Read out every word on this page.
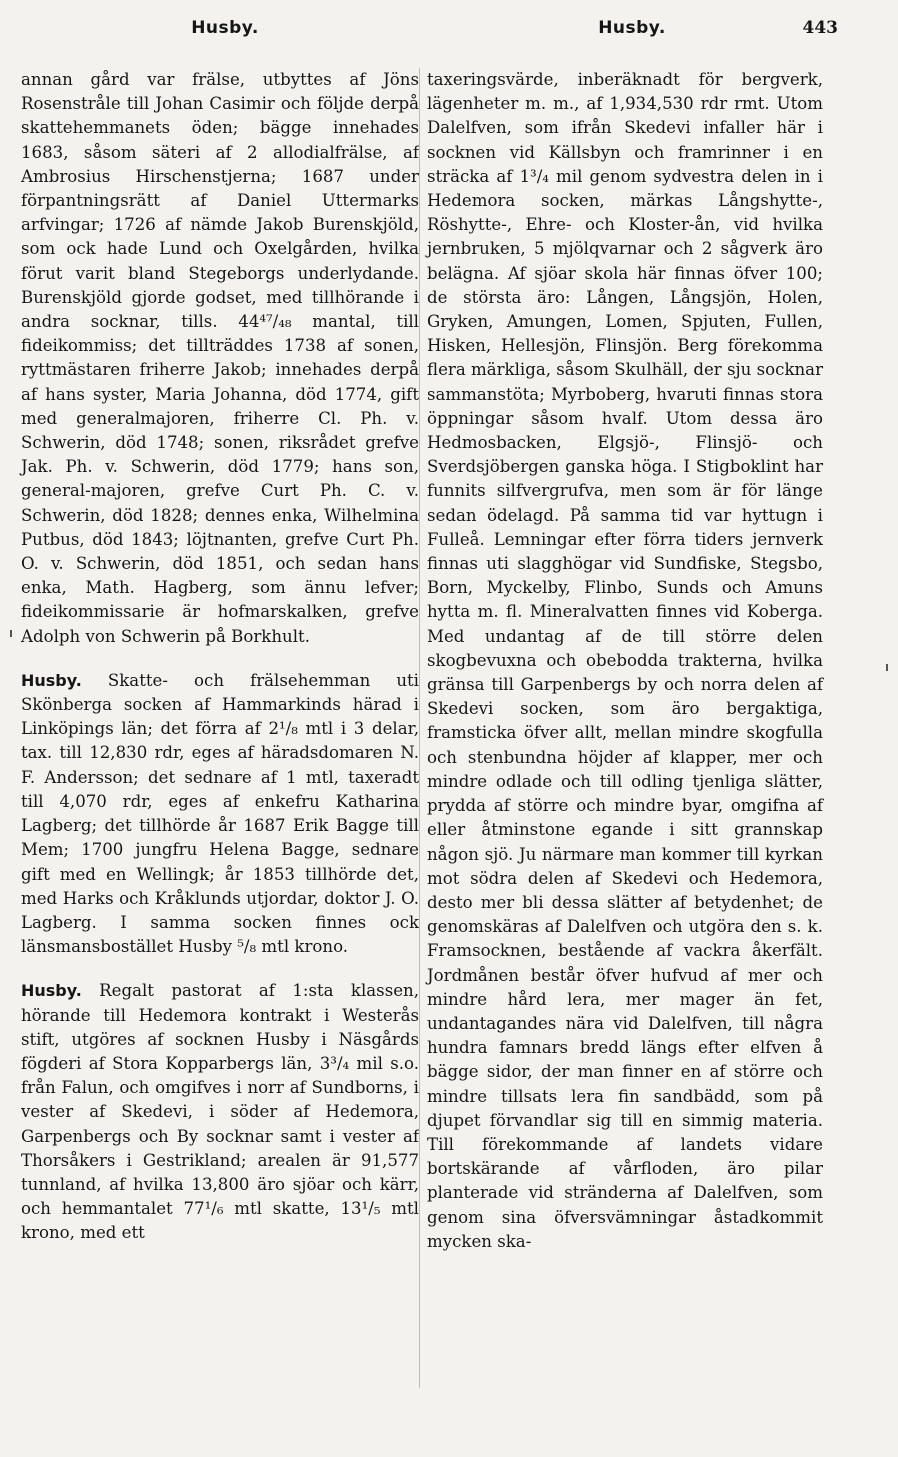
Husby.	Husby.	443

annan gård var frälse, utbyttes af Jöns Rosenstråle till Johan Casimir och följde derpå skattehemmanets öden; bägge innehades 1683, såsom säteri af 2 allodialfrälse, af Ambrosius Hirschenstjerna; 1687 under förpantningsrätt af Daniel Uttermarks arfvingar; 1726 af nämde Jakob Burenskjöld, som ock hade Lund och Oxelgården, hvilka förut varit bland Stegeborgs underlydande. Burenskjöld gjorde godset, med tillhörande i andra socknar, tills. 44⁴⁷/₄₈ mantal, till fideikommiss; det tillträddes 1738 af sonen, ryttmästaren friherre Jakob; innehades derpå af hans syster, Maria Johanna, död 1774, gift med generalmajoren, friherre Cl. Ph. v. Schwerin, död 1748; sonen, riksrådet grefve Jak. Ph. v. Schwerin, död 1779; hans son, general-majoren, grefve Curt Ph. C. v. Schwerin, död 1828; dennes enka, Wilhelmina Putbus, död 1843; löjtnanten, grefve Curt Ph. O. v. Schwerin, död 1851, och sedan hans enka, Math. Hagberg, som ännu lefver; fideikommissarie är hofmarskalken, grefve Adolph von Schwerin på Borkhult.

Husby. Skatte- och frälsehemman uti Skönberga socken af Hammarkinds härad i Linköpings län; det förra af 2¹/₈ mtl i 3 delar, tax. till 12,830 rdr, eges af häradsdomaren N. F. Andersson; det sednare af 1 mtl, taxeradt till 4,070 rdr, eges af enkefru Katharina Lagberg; det tillhörde år 1687 Erik Bagge till Mem; 1700 jungfru Helena Bagge, sednare gift med en Wellingk; år 1853 tillhörde det, med Harks och Kråklunds utjordar, doktor J. O. Lagberg. I samma socken finnes ock länsmansbostället Husby ⁵/₈ mtl krono.

Husby. Regalt pastorat af 1:sta klassen, hörande till Hedemora kontrakt i Westerås stift, utgöres af socknen Husby i Näsgårds fögderi af Stora Kopparbergs län, 3³/₄ mil s.o. från Falun, och omgifves i norr af Sundborns, i vester af Skedevi, i söder af Hedemora, Garpenbergs och By socknar samt i vester af Thorsåkers i Gestrikland; arealen är 91,577 tunnland, af hvilka 13,800 äro sjöar och kärr, och hemmantalet 77¹/₆ mtl skatte, 13¹/₅ mtl krono, med ett

taxeringsvärde, inberäknadt för bergverk, lägenheter m. m., af 1,934,530 rdr rmt. Utom Dalelfven, som ifrån Skedevi infaller här i socknen vid Källsbyn och framrinner i en sträcka af 1³/₄ mil genom sydvestra delen in i Hedemora socken, märkas Långshytte-, Röshytte-, Ehre- och Kloster-ån, vid hvilka jernbruken, 5 mjölqvarnar och 2 sågverk äro belägna. Af sjöar skola här finnas öfver 100; de största äro: Lången, Långsjön, Holen, Gryken, Amungen, Lomen, Spjuten, Fullen, Hisken, Hellesjön, Flinsjön. Berg förekomma flera märkliga, såsom Skulhäll, der sju socknar sammanstöta; Myrboberg, hvaruti finnas stora öppningar såsom hvalf. Utom dessa äro Hedmosbacken, Elgsjö-, Flinsjö- och Sverdsjöbergen ganska höga. I Stigboklint har funnits silfvergrufva, men som är för länge sedan ödelagd. På samma tid var hyttugn i Fulleå. Lemningar efter förra tiders jernverk finnas uti slagghögar vid Sundfiske, Stegsbo, Born, Myckelby, Flinbo, Sunds och Amuns hytta m. fl. Mineralvatten finnes vid Koberga. Med undantag af de till större delen skogbevuxna och obebodda trakterna, hvilka gränsa till Garpenbergs by och norra delen af Skedevi socken, som äro bergaktiga, framsticka öfver allt, mellan mindre skogfulla och stenbundna höjder af klapper, mer och mindre odlade och till odling tjenliga slätter, prydda af större och mindre byar, omgifna af eller åtminstone egande i sitt grannskap någon sjö. Ju närmare man kommer till kyrkan mot södra delen af Skedevi och Hedemora, desto mer bli dessa slätter af betydenhet; de genomskäras af Dalelfven och utgöra den s. k. Framsocknen, bestående af vackra åkerfält. Jordmånen består öfver hufvud af mer och mindre hård lera, mer mager än fet, undantagandes nära vid Dalelfven, till några hundra famnars bredd längs efter elfven å bägge sidor, der man finner en af större och mindre tillsats lera fin sandbädd, som på djupet förvandlar sig till en simmig materia. Till förekommande af landets vidare bortskärande af vårfloden, äro pilar planterade vid stränderna af Dalelfven, som genom sina öfversvämningar åstadkommit mycken ska-
